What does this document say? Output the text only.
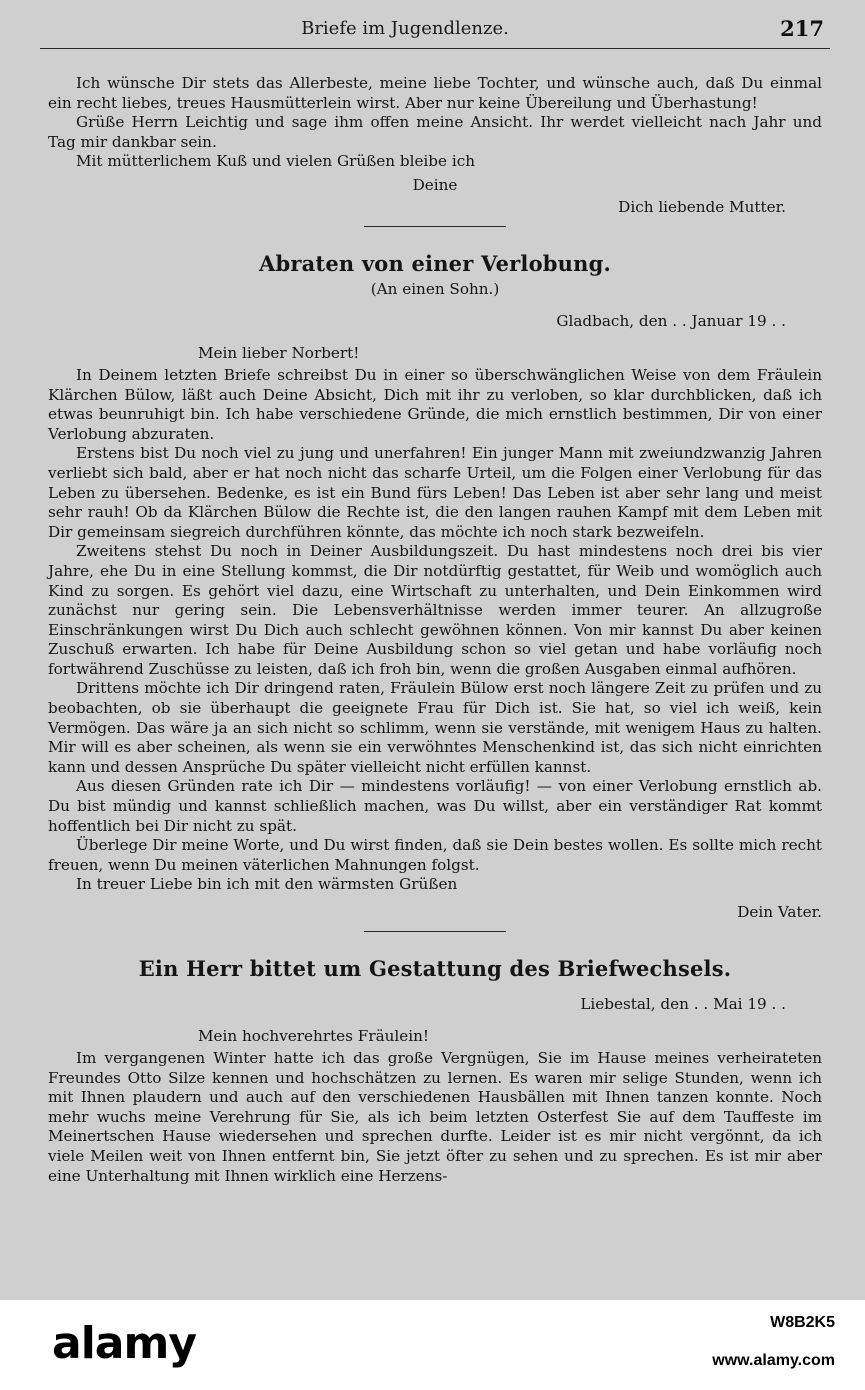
Briefe im Jugendlenze.	217

Ich wünsche Dir stets das Allerbeste, meine liebe Tochter, und wünsche auch, daß Du einmal ein recht liebes, treues Hausmütterlein wirst. Aber nur keine Übereilung und Überhastung!

Grüße Herrn Leichtig und sage ihm offen meine Ansicht. Ihr werdet vielleicht nach Jahr und Tag mir dankbar sein.

Mit mütterlichem Kuß und vielen Grüßen bleibe ich

Deine
Dich liebende Mutter.
Abraten von einer Verlobung.
(An einen Sohn.)
Gladbach, den . . Januar 19 . .
Mein lieber Norbert!

In Deinem letzten Briefe schreibst Du in einer so überschwänglichen Weise von dem Fräulein Klärchen Bülow, läßt auch Deine Absicht, Dich mit ihr zu verloben, so klar durchblicken, daß ich etwas beunruhigt bin. Ich habe verschiedene Gründe, die mich ernstlich bestimmen, Dir von einer Verlobung abzuraten.

Erstens bist Du noch viel zu jung und unerfahren! Ein junger Mann mit zweiundzwanzig Jahren verliebt sich bald, aber er hat noch nicht das scharfe Urteil, um die Folgen einer Verlobung für das Leben zu übersehen. Bedenke, es ist ein Bund fürs Leben! Das Leben ist aber sehr lang und meist sehr rauh! Ob da Klärchen Bülow die Rechte ist, die den langen rauhen Kampf mit dem Leben mit Dir gemeinsam siegreich durchführen könnte, das möchte ich noch stark bezweifeln.

Zweitens stehst Du noch in Deiner Ausbildungszeit. Du hast mindestens noch drei bis vier Jahre, ehe Du in eine Stellung kommst, die Dir notdürftig gestattet, für Weib und womöglich auch Kind zu sorgen. Es gehört viel dazu, eine Wirtschaft zu unterhalten, und Dein Einkommen wird zunächst nur gering sein. Die Lebensverhältnisse werden immer teurer. An allzugroße Einschränkungen wirst Du Dich auch schlecht gewöhnen können. Von mir kannst Du aber keinen Zuschuß erwarten. Ich habe für Deine Ausbildung schon so viel getan und habe vorläufig noch fortwährend Zuschüsse zu leisten, daß ich froh bin, wenn die großen Ausgaben einmal aufhören.

Drittens möchte ich Dir dringend raten, Fräulein Bülow erst noch längere Zeit zu prüfen und zu beobachten, ob sie überhaupt die geeignete Frau für Dich ist. Sie hat, so viel ich weiß, kein Vermögen. Das wäre ja an sich nicht so schlimm, wenn sie verstände, mit wenigem Haus zu halten. Mir will es aber scheinen, als wenn sie ein verwöhntes Menschenkind ist, das sich nicht einrichten kann und dessen Ansprüche Du später vielleicht nicht erfüllen kannst.

Aus diesen Gründen rate ich Dir — mindestens vorläufig! — von einer Verlobung ernstlich ab. Du bist mündig und kannst schließlich machen, was Du willst, aber ein verständiger Rat kommt hoffentlich bei Dir nicht zu spät.

Überlege Dir meine Worte, und Du wirst finden, daß sie Dein bestes wollen. Es sollte mich recht freuen, wenn Du meinen väterlichen Mahnungen folgst.

In treuer Liebe bin ich mit den wärmsten Grüßen

Dein Vater.
Ein Herr bittet um Gestattung des Briefwechsels.
Liebestal, den . . Mai 19 . .
Mein hochverehrtes Fräulein!

Im vergangenen Winter hatte ich das große Vergnügen, Sie im Hause meines verheirateten Freundes Otto Silze kennen und hochschätzen zu lernen. Es waren mir selige Stunden, wenn ich mit Ihnen plaudern und auch auf den verschiedenen Hausbällen mit Ihnen tanzen konnte. Noch mehr wuchs meine Verehrung für Sie, als ich beim letzten Osterfest Sie auf dem Tauffeste im Meinertschen Hause wiedersehen und sprechen durfte. Leider ist es mir nicht vergönnt, da ich viele Meilen weit von Ihnen entfernt bin, Sie jetzt öfter zu sehen und zu sprechen. Es ist mir aber eine Unterhaltung mit Ihnen wirklich eine Herzens-

alamy	W8B2K5
www.alamy.com
